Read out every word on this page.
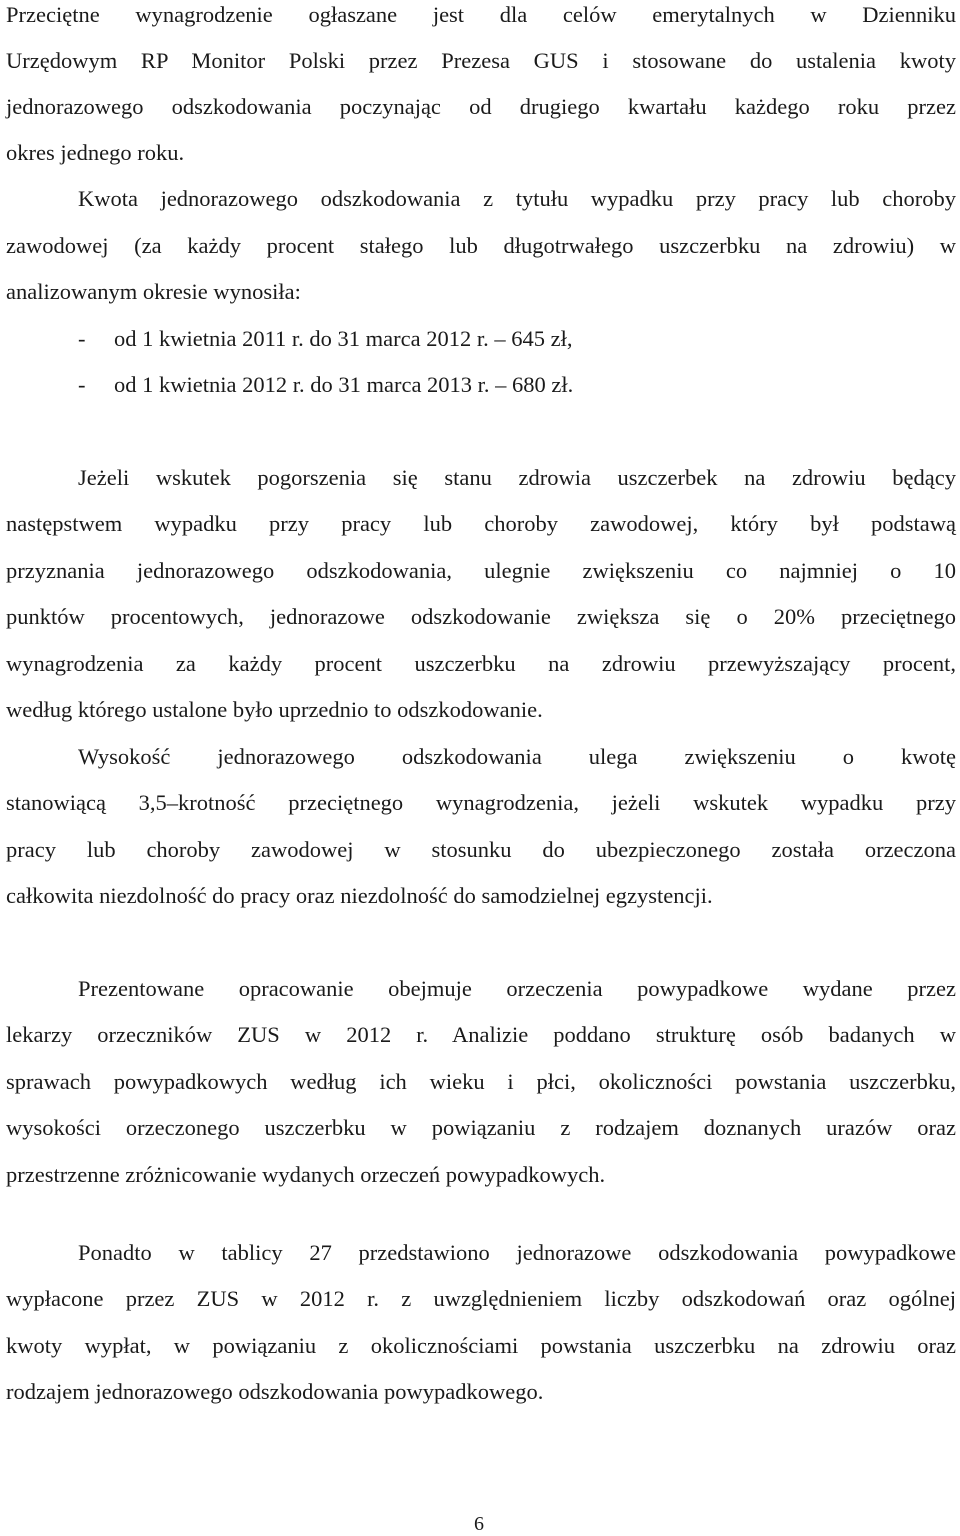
Przeciętne wynagrodzenie ogłaszane jest dla celów emerytalnych w Dzienniku
Urzędowym RP Monitor Polski przez Prezesa GUS i stosowane do ustalenia kwoty
jednorazowego odszkodowania poczynając od drugiego kwartału każdego roku przez
okres jednego roku.
Kwota jednorazowego odszkodowania z tytułu wypadku przy pracy lub choroby
zawodowej (za każdy procent stałego lub długotrwałego uszczerbku na zdrowiu) w
analizowanym okresie wynosiła:
- od 1 kwietnia 2011 r. do 31 marca 2012 r. – 645 zł,
- od 1 kwietnia 2012 r. do 31 marca 2013 r. – 680 zł.
Jeżeli wskutek pogorszenia się stanu zdrowia uszczerbek na zdrowiu będący
następstwem wypadku przy pracy lub choroby zawodowej, który był podstawą
przyznania jednorazowego odszkodowania, ulegnie zwiększeniu co najmniej o 10
punktów procentowych, jednorazowe odszkodowanie zwiększa się o 20% przeciętnego
wynagrodzenia za każdy procent uszczerbku na zdrowiu przewyższający procent,
według którego ustalone było uprzednio to odszkodowanie.
Wysokość jednorazowego odszkodowania ulega zwiększeniu o kwotę
stanowiącą 3,5–krotność przeciętnego wynagrodzenia, jeżeli wskutek wypadku przy
pracy lub choroby zawodowej w stosunku do ubezpieczonego została orzeczona
całkowita niezdolność do pracy oraz niezdolność do samodzielnej egzystencji.
Prezentowane opracowanie obejmuje orzeczenia powypadkowe wydane przez
lekarzy orzeczników ZUS w 2012 r. Analizie poddano strukturę osób badanych w
sprawach powypadkowych według ich wieku i płci, okoliczności powstania uszczerbku,
wysokości orzeczonego uszczerbku w powiązaniu z rodzajem doznanych urazów oraz
przestrzenne zróżnicowanie wydanych orzeczeń powypadkowych.
Ponadto w tablicy 27 przedstawiono jednorazowe odszkodowania powypadkowe
wypłacone przez ZUS w 2012 r. z uwzględnieniem liczby odszkodowań oraz ogólnej
kwoty wypłat, w powiązaniu z okolicznościami powstania uszczerbku na zdrowiu oraz
rodzajem jednorazowego odszkodowania powypadkowego.
6
